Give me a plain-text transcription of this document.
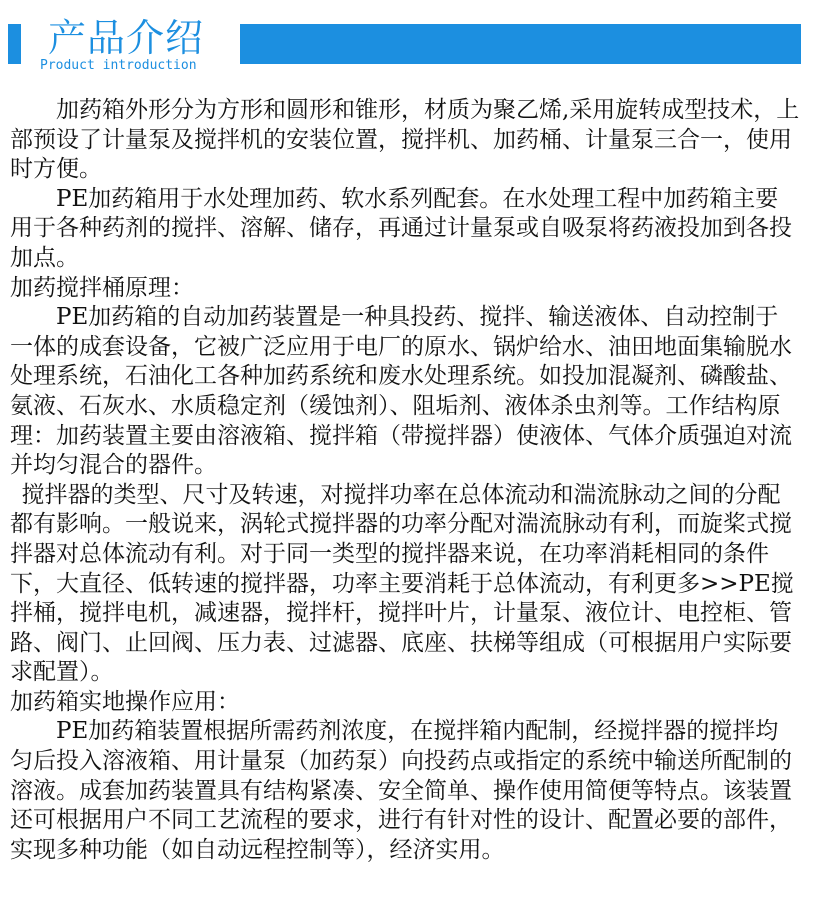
产品介绍
Product introduction

加药箱外形分为方形和圆形和锥形，材质为聚乙烯,采用旋转成型技术，上部预设了计量泵及搅拌机的安装位置，搅拌机、加药桶、计量泵三合一，使用时方便。

PE加药箱用于水处理加药、软水系列配套。在水处理工程中加药箱主要用于各种药剂的搅拌、溶解、储存，再通过计量泵或自吸泵将药液投加到各投加点。

加药搅拌桶原理：

PE加药箱的自动加药装置是一种具投药、搅拌、输送液体、自动控制于一体的成套设备，它被广泛应用于电厂的原水、锅炉给水、油田地面集输脱水处理系统，石油化工各种加药系统和废水处理系统。如投加混凝剂、磷酸盐、氨液、石灰水、水质稳定剂（缓蚀剂）、阻垢剂、液体杀虫剂等。工作结构原理：加药装置主要由溶液箱、搅拌箱（带搅拌器）使液体、气体介质强迫对流并均匀混合的器件。

搅拌器的类型、尺寸及转速，对搅拌功率在总体流动和湍流脉动之间的分配都有影响。一般说来，涡轮式搅拌器的功率分配对湍流脉动有利，而旋桨式搅拌器对总体流动有利。对于同一类型的搅拌器来说，在功率消耗相同的条件下，大直径、低转速的搅拌器，功率主要消耗于总体流动，有利更多>>PE搅拌桶，搅拌电机，减速器，搅拌杆，搅拌叶片，计量泵、液位计、电控柜、管路、阀门、止回阀、压力表、过滤器、底座、扶梯等组成（可根据用户实际要求配置）。

加药箱实地操作应用：

PE加药箱装置根据所需药剂浓度，在搅拌箱内配制，经搅拌器的搅拌均匀后投入溶液箱、用计量泵（加药泵）向投药点或指定的系统中输送所配制的溶液。成套加药装置具有结构紧凑、安全简单、操作使用简便等特点。该装置还可根据用户不同工艺流程的要求，进行有针对性的设计、配置必要的部件，实现多种功能（如自动远程控制等），经济实用。
